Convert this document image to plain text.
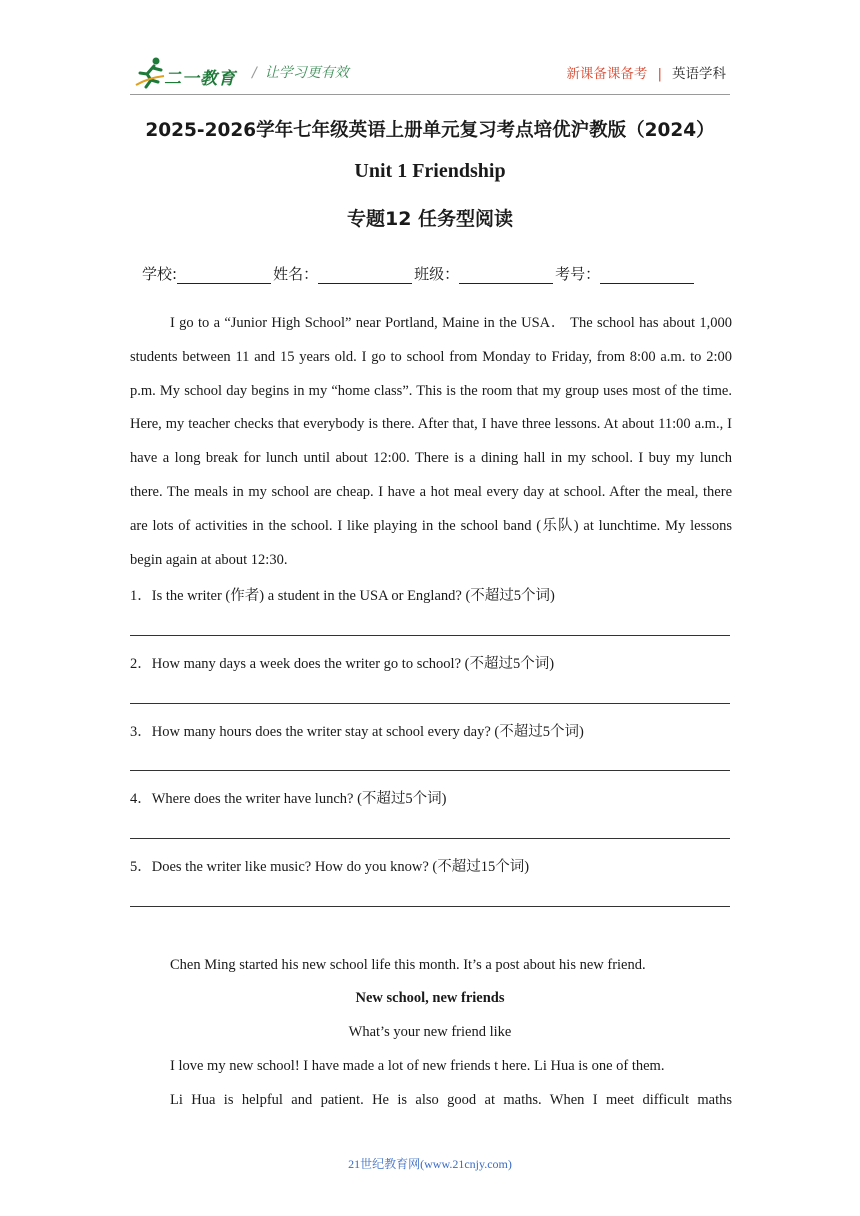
二一教育 / 让学习更有效	新课备课备考 | 英语学科
2025-2026学年七年级英语上册单元复习考点培优沪教版（2024）
Unit 1 Friendship
专题12 任务型阅读
学校:	姓名：	班级：	考号：

I go to a “Junior High School” near Portland, Maine in the USA． The school has about 1,000 students between 11 and 15 years old. I go to school from Monday to Friday, from 8:00 a.m. to 2:00 p.m. My school day begins in my “home class”. This is the room that my group uses most of the time. Here, my teacher checks that everybody is there. After that, I have three lessons. At about 11:00 a.m., I have a long break for lunch until about 12:00. There is a dining hall in my school. I buy my lunch there. The meals in my school are cheap. I have a hot meal every day at school. After the meal, there are lots of activities in the school. I like playing in the school band (乐队) at lunchtime. My lessons begin again at about 12:30.

1．Is the writer (作者) a student in the USA or England? (不超过5个词)
2．How many days a week does the writer go to school? (不超过5个词)
3．How many hours does the writer stay at school every day? (不超过5个词)
4．Where does the writer have lunch? (不超过5个词)
5．Does the writer like music? How do you know? (不超过15个词)
Chen Ming started his new school life this month. It’s a post about his new friend.
New school, new friends
What’s your new friend like
I love my new school! I have made a lot of new friends t here. Li Hua is one of them.
Li Hua is helpful and patient. He is also good at maths. When I meet difficult maths
21世纪教育网(www.21cnjy.com)
